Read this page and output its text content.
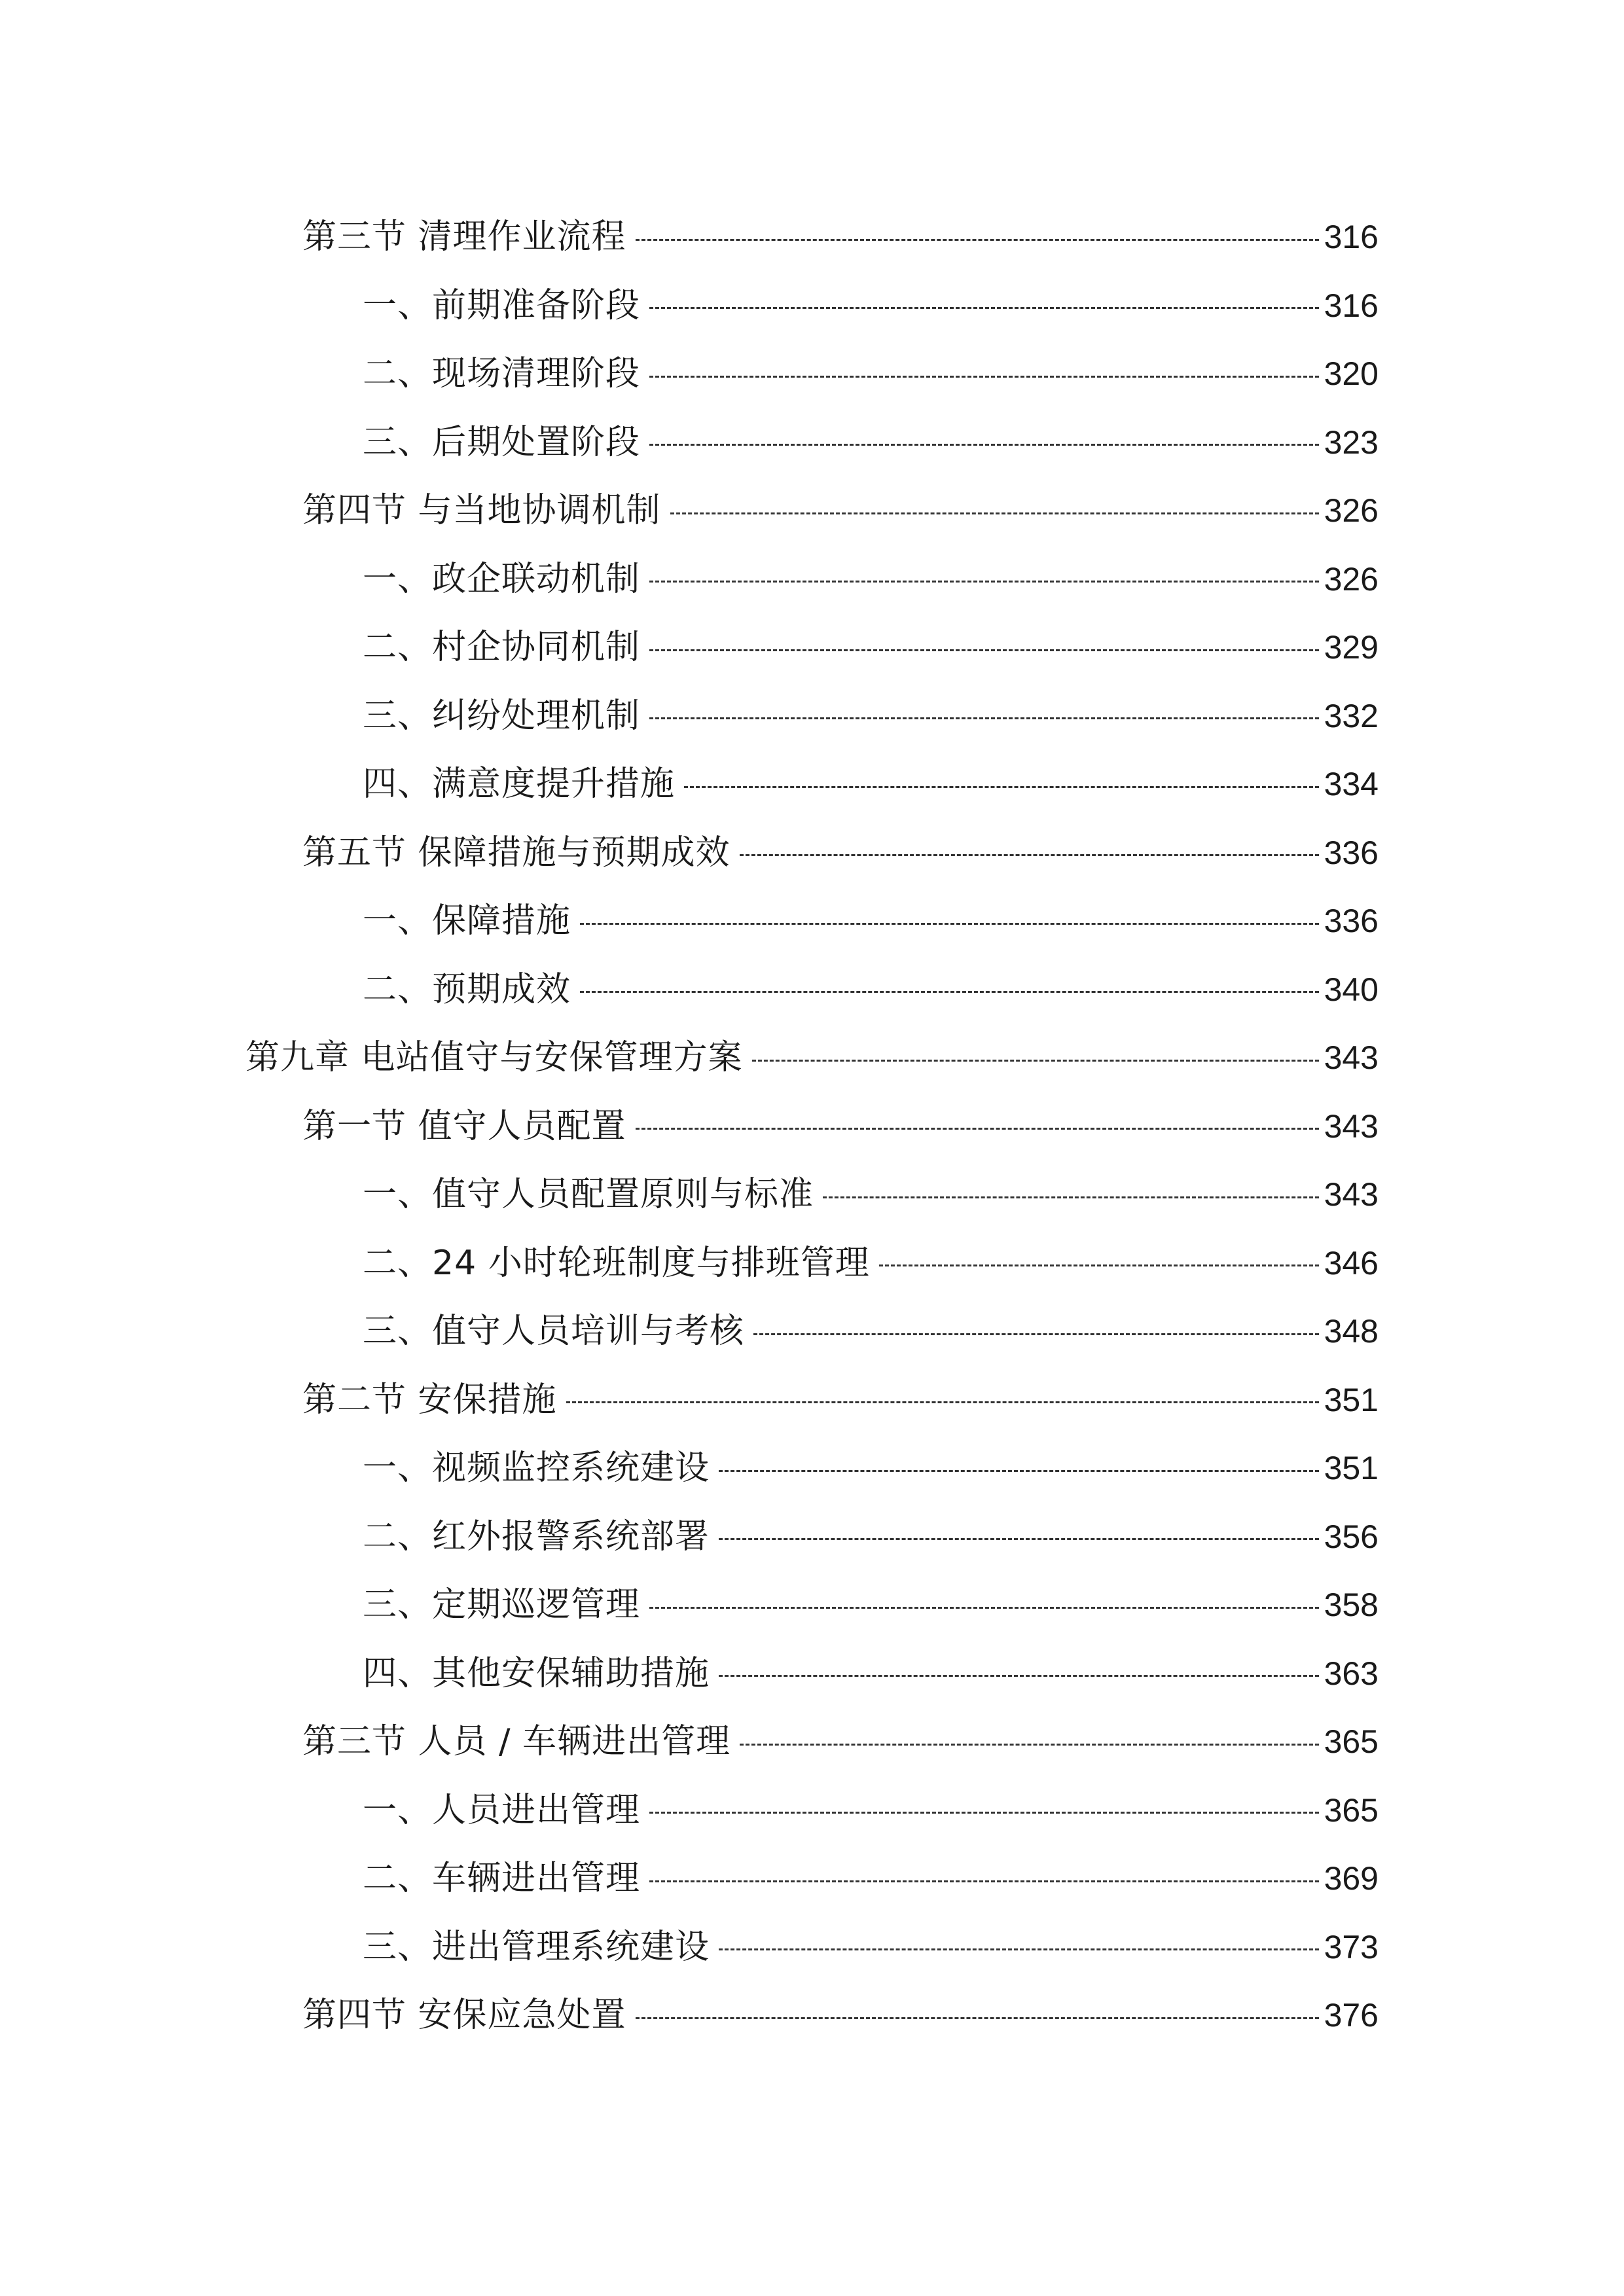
第三节 清理作业流程	316
一、前期准备阶段	316
二、现场清理阶段	320
三、后期处置阶段	323
第四节 与当地协调机制	326
一、政企联动机制	326
二、村企协同机制	329
三、纠纷处理机制	332
四、满意度提升措施	334
第五节 保障措施与预期成效	336
一、保障措施	336
二、预期成效	340
第九章 电站值守与安保管理方案	343
第一节 值守人员配置	343
一、值守人员配置原则与标准	343
二、24 小时轮班制度与排班管理	346
三、值守人员培训与考核	348
第二节 安保措施	351
一、视频监控系统建设	351
二、红外报警系统部署	356
三、定期巡逻管理	358
四、其他安保辅助措施	363
第三节 人员 / 车辆进出管理	365
一、人员进出管理	365
二、车辆进出管理	369
三、进出管理系统建设	373
第四节 安保应急处置	376
